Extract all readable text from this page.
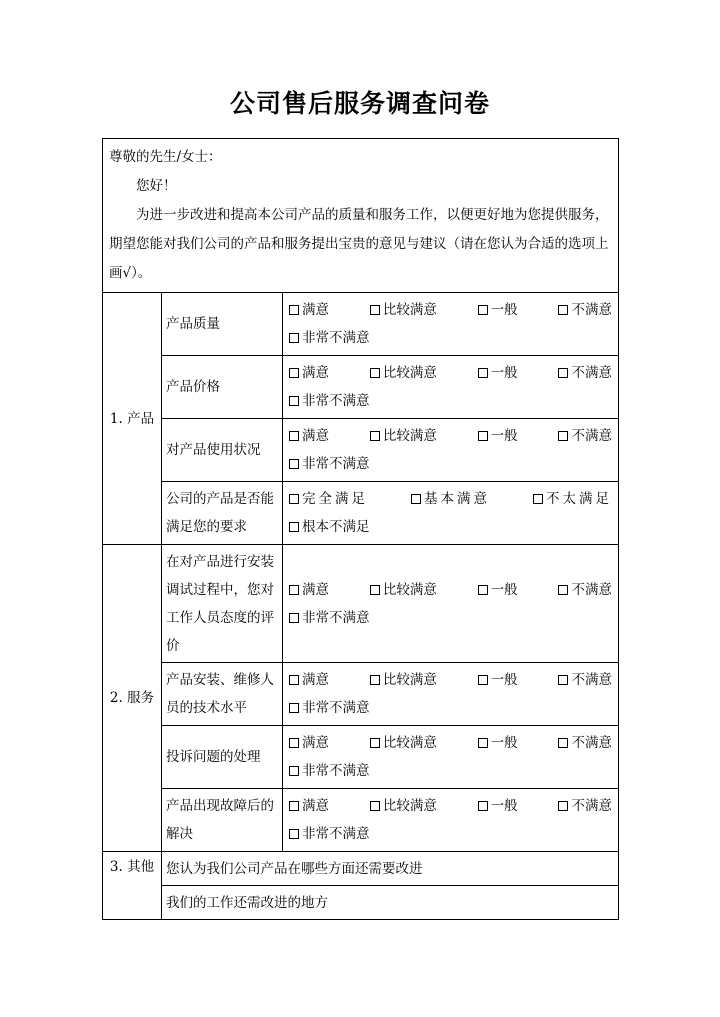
公司售后服务调查问卷

尊敬的先生/女士：

您好！

为进一步改进和提高本公司产品的质量和服务工作，以便更好地为您提供服务，期望您能对我们公司的产品和服务提出宝贵的意见与建议（请在您认为合适的选项上画√）。		

1. 产品	产品质量	满意 比较满意 一般 不满意
非常不满意

	产品价格	满意 比较满意 一般 不满意
非常不满意

	对产品使用状况	满意 比较满意 一般 不满意
非常不满意

	公司的产品是否能满足您的要求	完全满足 基本满意 不太满足
根本不满足

2. 服务	在对产品进行安装调试过程中，您对工作人员态度的评价	满意 比较满意 一般 不满意
非常不满意

	产品安装、维修人员的技术水平	满意 比较满意 一般 不满意
非常不满意

	投诉问题的处理	满意 比较满意 一般 不满意
非常不满意

	产品出现故障后的解决	满意 比较满意 一般 不满意
非常不满意

3. 其他	您认为我们公司产品在哪些方面还需要改进	
	我们的工作还需改进的地方	
